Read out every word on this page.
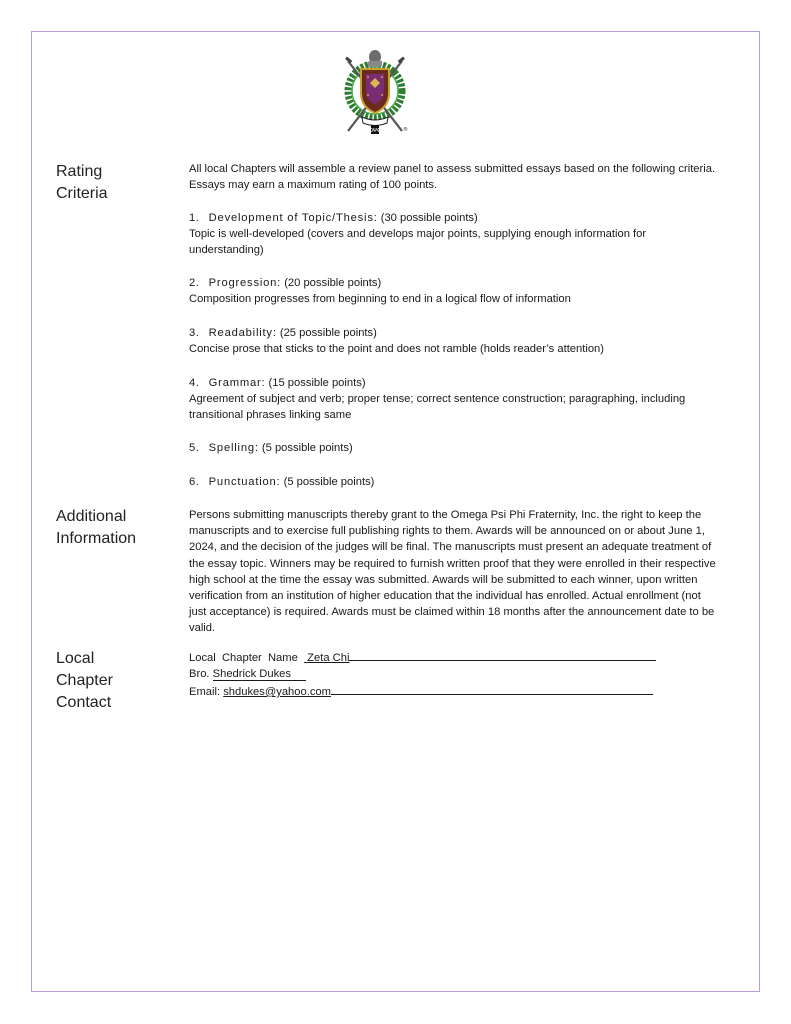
ΩΨΦ	®
Rating
Criteria

All local Chapters will assemble a review panel to assess submitted essays based on the following criteria. Essays may earn a maximum rating of 100 points.

1. Development of Topic/Thesis: (30 possible points)
Topic is well-developed (covers and develops major points, supplying enough information for understanding)
2. Progression: (20 possible points)
Composition progresses from beginning to end in a logical flow of information
3. Readability: (25 possible points)
Concise prose that sticks to the point and does not ramble (holds reader’s attention)
4. Grammar: (15 possible points)
Agreement of subject and verb; proper tense; correct sentence construction; paragraphing, including transitional phrases linking same
5. Spelling: (5 possible points)
6. Punctuation: (5 possible points)
Additional
Information

Persons submitting manuscripts thereby grant to the Omega Psi Phi Fraternity, Inc. the right to keep the manuscripts and to exercise full publishing rights to them. Awards will be announced on or about June 1, 2024, and the decision of the judges will be final. The manuscripts must present an adequate treatment of the essay topic. Winners may be required to furnish written proof that they were enrolled in their respective high school at the time the essay was submitted. Awards will be submitted to each winner, upon written verification from an institution of higher education that the individual has enrolled. Actual enrollment (not just acceptance) is required. Awards must be claimed within 18 months after the announcement date to be valid.

Local
Chapter
Contact
Local  Chapter  Name   Zeta Chi
Bro. Shedrick Dukes
Email: shdukes@yahoo.com
